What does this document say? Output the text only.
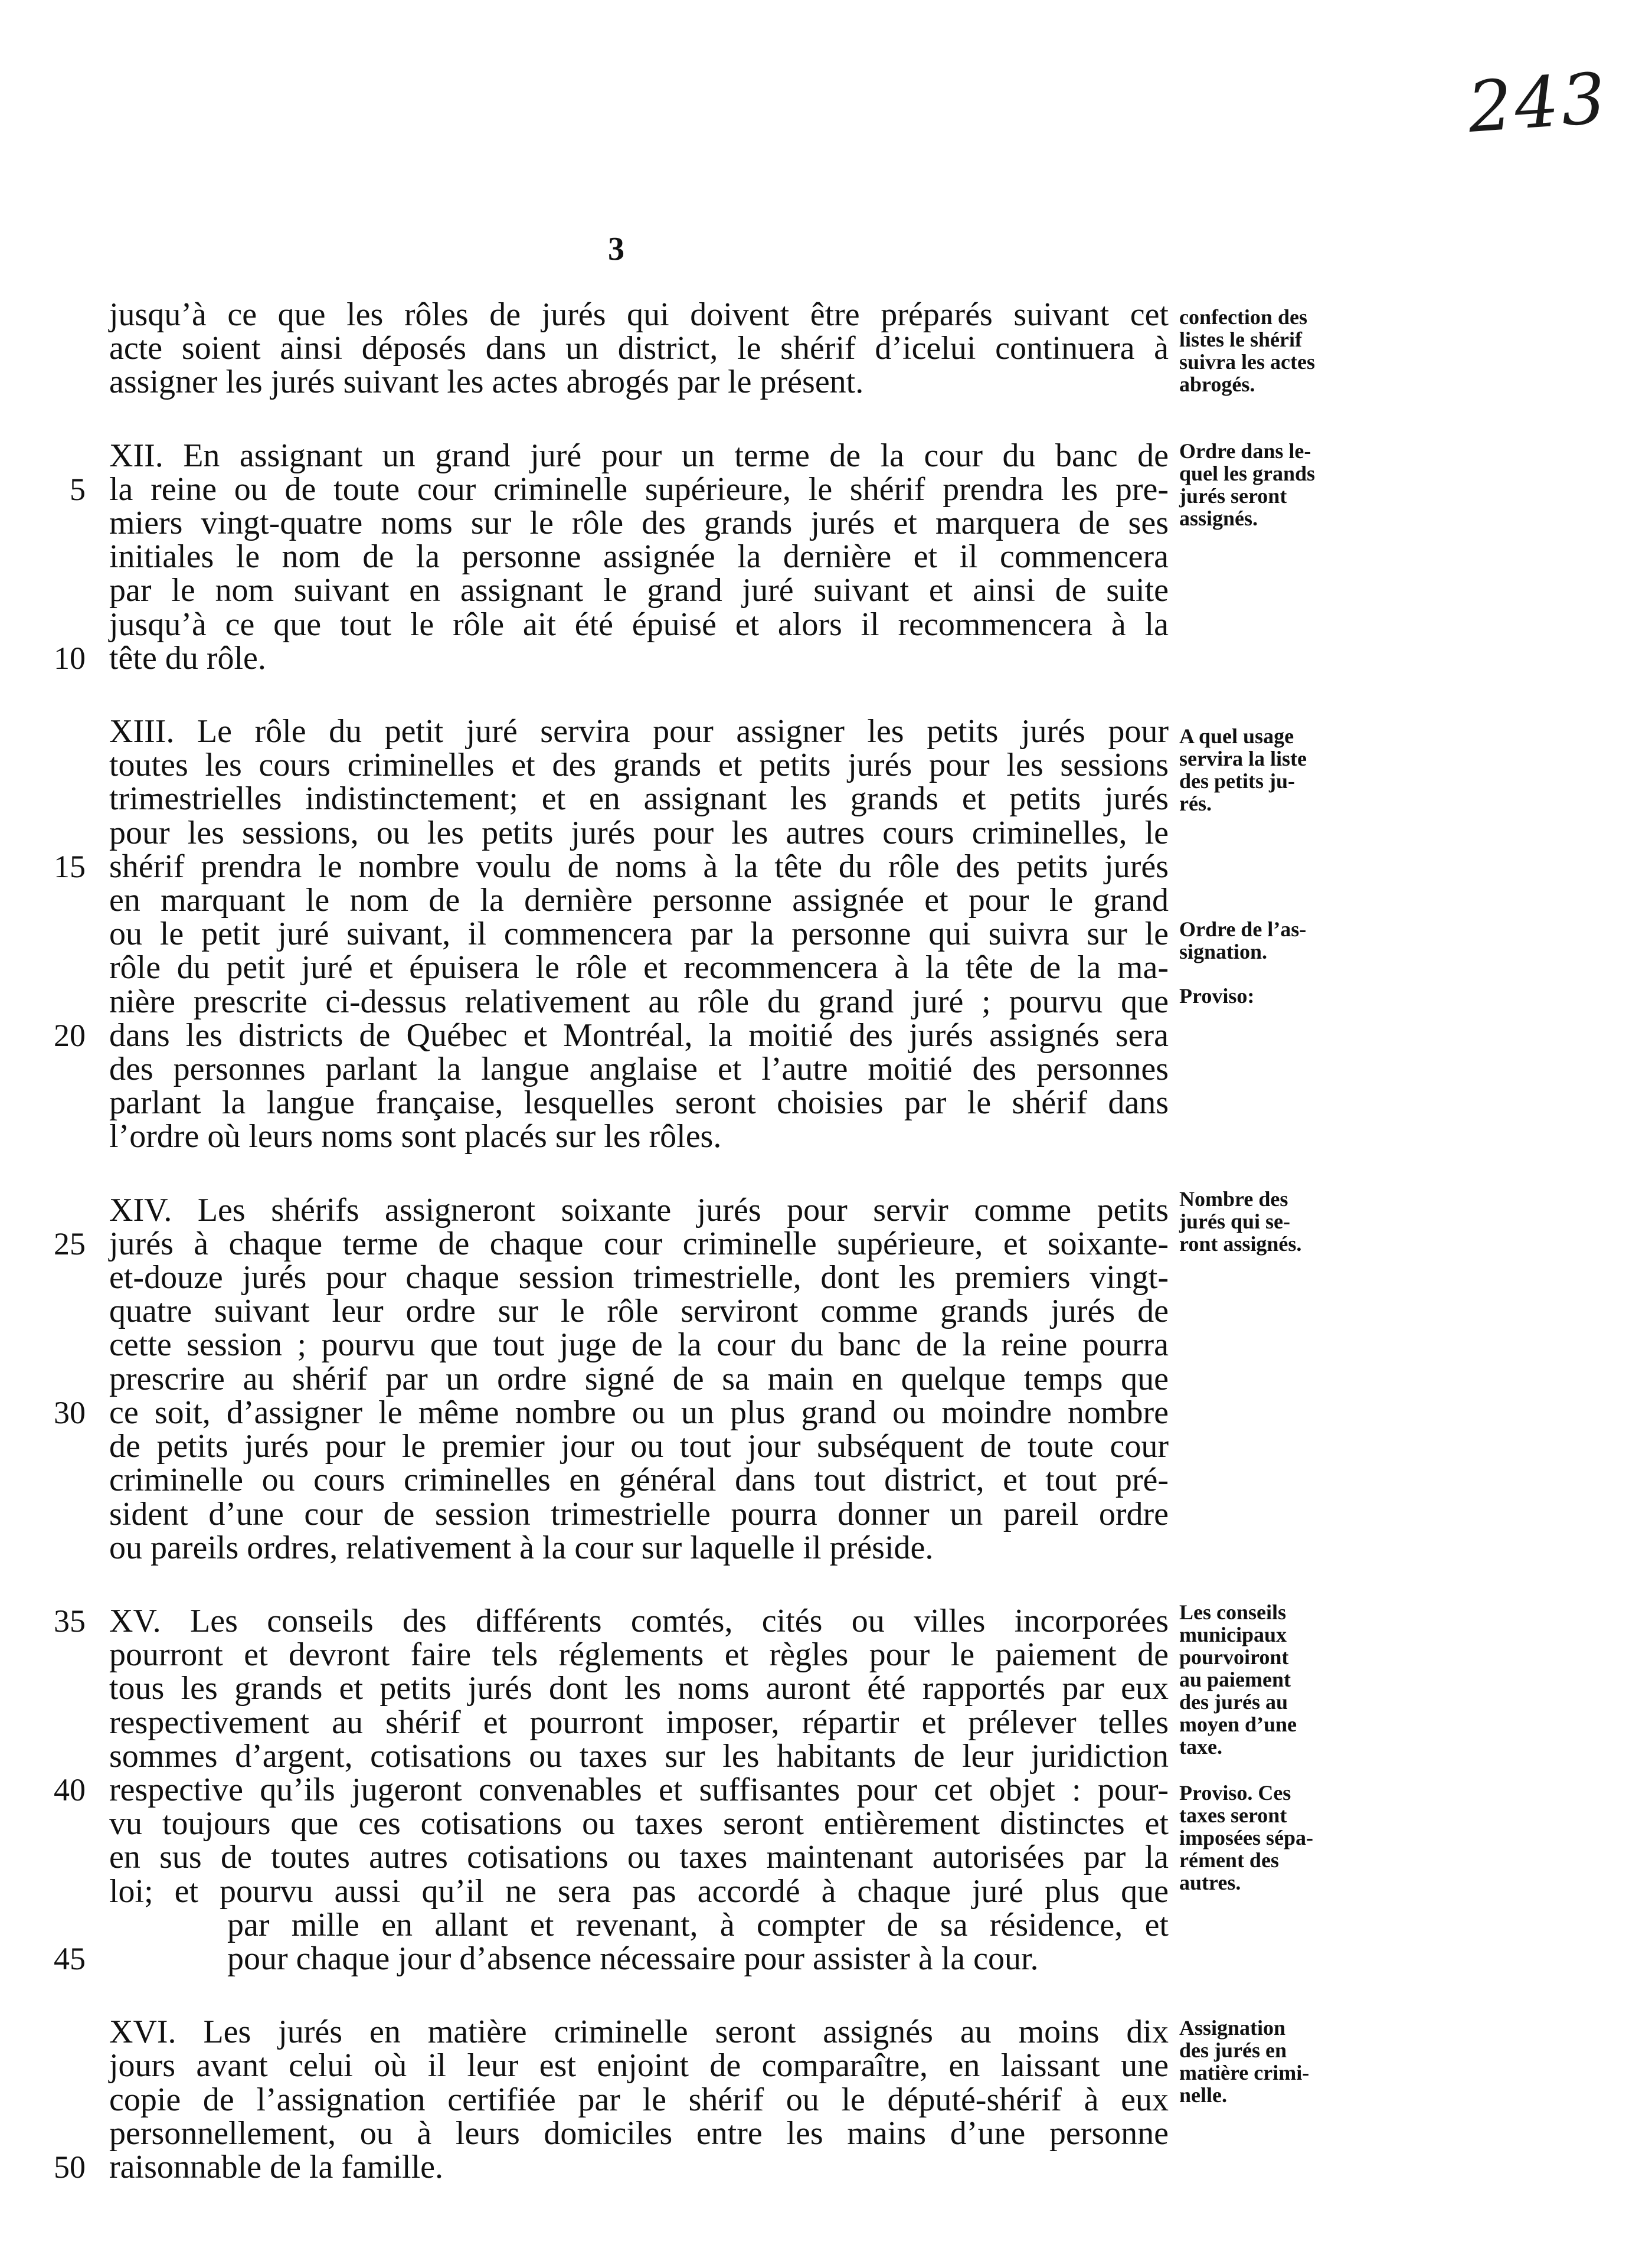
243
3
jusqu’à ce que les rôles de jurés qui doivent être préparés suivant cet
acte soient ainsi déposés dans un district, le shérif d’icelui continuera à
assigner les jurés suivant les actes abrogés par le présent.
XII. En assignant un grand juré pour un terme de la cour du banc de
5 la reine ou de toute cour criminelle supérieure, le shérif prendra les pre-
miers vingt-quatre noms sur le rôle des grands jurés et marquera de ses
initiales le nom de la personne assignée la dernière et il commencera
par le nom suivant en assignant le grand juré suivant et ainsi de suite
jusqu’à ce que tout le rôle ait été épuisé et alors il recommencera à la
10 tête du rôle.
XIII. Le rôle du petit juré servira pour assigner les petits jurés pour
toutes les cours criminelles et des grands et petits jurés pour les sessions
trimestrielles indistinctement; et en assignant les grands et petits jurés
pour les sessions, ou les petits jurés pour les autres cours criminelles, le
15 shérif prendra le nombre voulu de noms à la tête du rôle des petits jurés
en marquant le nom de la dernière personne assignée et pour le grand
ou le petit juré suivant, il commencera par la personne qui suivra sur le
rôle du petit juré et épuisera le rôle et recommencera à la tête de la ma-
nière prescrite ci-dessus relativement au rôle du grand juré ; pourvu que
20 dans les districts de Québec et Montréal, la moitié des jurés assignés sera
des personnes parlant la langue anglaise et l’autre moitié des personnes
parlant la langue française, lesquelles seront choisies par le shérif dans
l’ordre où leurs noms sont placés sur les rôles.
XIV. Les shérifs assigneront soixante jurés pour servir comme petits
25 jurés à chaque terme de chaque cour criminelle supérieure, et soixante-
et-douze jurés pour chaque session trimestrielle, dont les premiers vingt-
quatre suivant leur ordre sur le rôle serviront comme grands jurés de
cette session ; pourvu que tout juge de la cour du banc de la reine pourra
prescrire au shérif par un ordre signé de sa main en quelque temps que
30 ce soit, d’assigner le même nombre ou un plus grand ou moindre nombre
de petits jurés pour le premier jour ou tout jour subséquent de toute cour
criminelle ou cours criminelles en général dans tout district, et tout pré-
sident d’une cour de session trimestrielle pourra donner un pareil ordre
ou pareils ordres, relativement à la cour sur laquelle il préside.
35 XV. Les conseils des différents comtés, cités ou villes incorporées
pourront et devront faire tels réglements et règles pour le paiement de
tous les grands et petits jurés dont les noms auront été rapportés par eux
respectivement au shérif et pourront imposer, répartir et prélever telles
sommes d’argent, cotisations ou taxes sur les habitants de leur juridiction
40 respective qu’ils jugeront convenables et suffisantes pour cet objet : pour-
vu toujours que ces cotisations ou taxes seront entièrement distinctes et
en sus de toutes autres cotisations ou taxes maintenant autorisées par la
loi; et pourvu aussi qu’il ne sera pas accordé à chaque juré plus que
par mille en allant et revenant, à compter de sa résidence, et
45	pour chaque jour d’absence nécessaire pour assister à la cour.
XVI. Les jurés en matière criminelle seront assignés au moins dix
jours avant celui où il leur est enjoint de comparaître, en laissant une
copie de l’assignation certifiée par le shérif ou le député-shérif à eux
personnellement, ou à leurs domiciles entre les mains d’une personne
50 raisonnable de la famille.
confection des
listes le shérif
suivra les actes
abrogés.
Ordre dans le-
quel les grands
jurés seront
assignés.
A quel usage
servira la liste
des petits ju-
rés.
Ordre de l’as-
signation.
Proviso:
Nombre des
jurés qui se-
ront assignés.
Les conseils
municipaux
pourvoiront
au paiement
des jurés au
moyen d’une
taxe.
Proviso. Ces
taxes seront
imposées sépa-
rément des
autres.
Assignation
des jurés en
matière crimi-
nelle.
